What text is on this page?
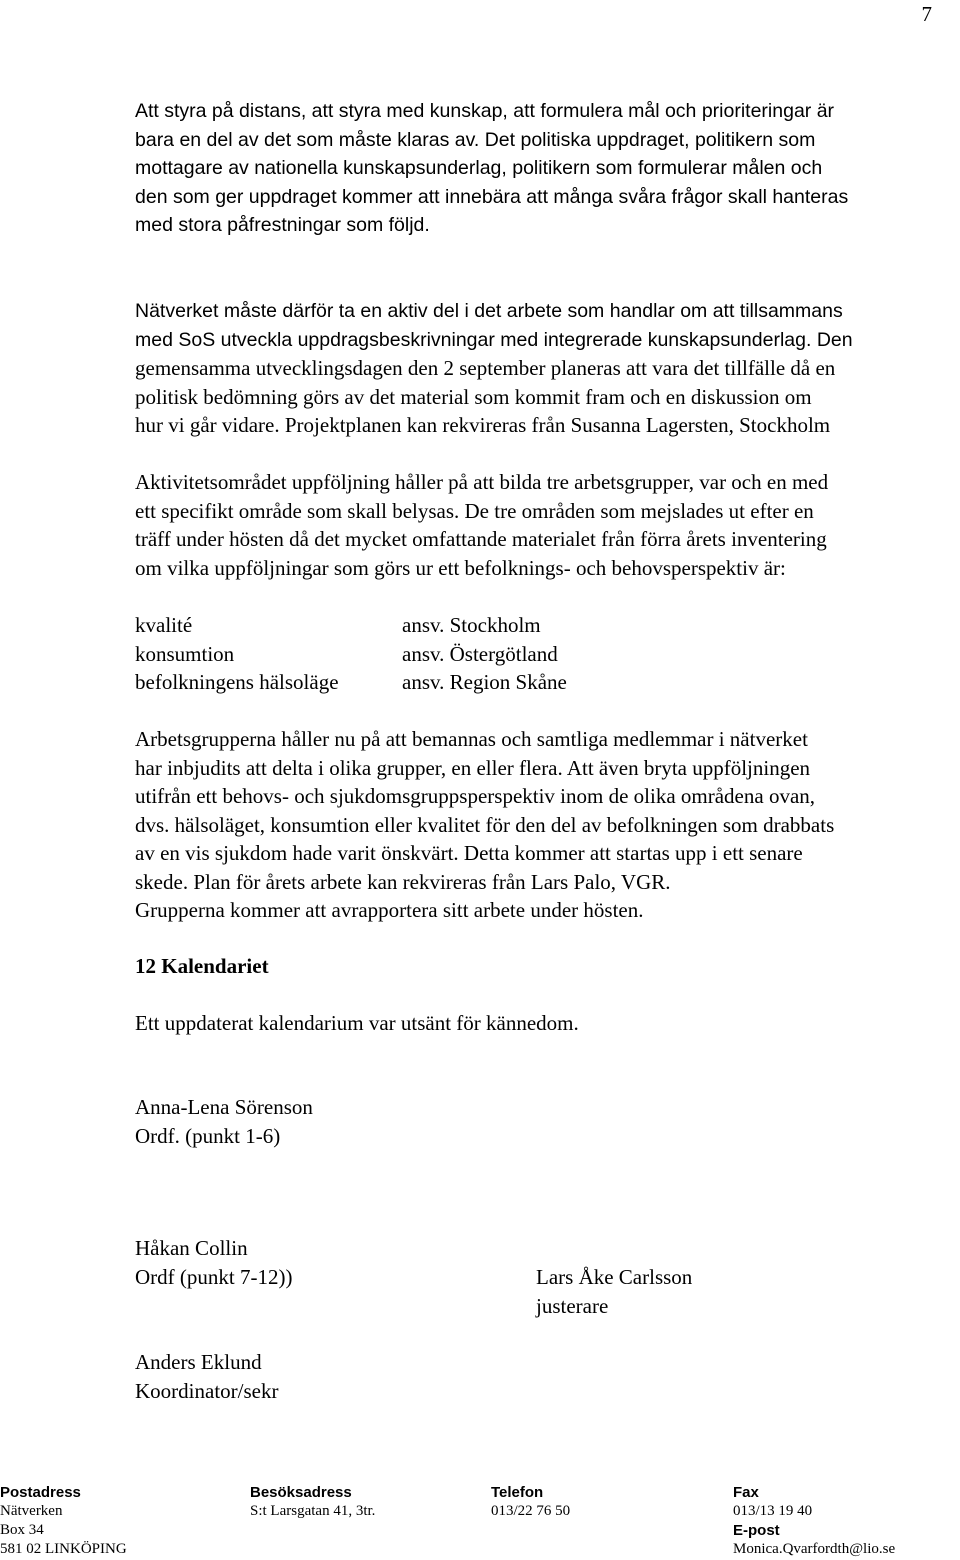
7
Att styra på distans, att styra med kunskap, att formulera mål och prioriteringar är
bara en del av det som måste klaras av. Det politiska uppdraget, politikern som
mottagare av nationella kunskapsunderlag, politikern som formulerar målen och
den som ger uppdraget kommer att innebära att många svåra frågor skall hanteras
med stora påfrestningar som följd.
Nätverket måste därför ta en aktiv del i det arbete som handlar om att tillsammans
med SoS utveckla uppdragsbeskrivningar med integrerade kunskapsunderlag. Den
gemensamma utvecklingsdagen den 2 september planeras att vara det tillfälle då en
politisk bedömning görs av det material som kommit fram och en diskussion om
hur vi går vidare. Projektplanen kan rekvireras från Susanna Lagersten, Stockholm
Aktivitetsområdet uppföljning håller på att bilda tre arbetsgrupper, var och en med
ett specifikt område som skall belysas. De tre områden som mejslades ut efter en
träff under hösten då det mycket omfattande materialet från förra årets inventering
om vilka uppföljningar som görs ur ett befolknings- och behovsperspektiv är:
kvalité
konsumtion
befolkningens hälsoläge
ansv. Stockholm
ansv. Östergötland
ansv. Region Skåne
Arbetsgrupperna håller nu på att bemannas och samtliga medlemmar i nätverket
har inbjudits att delta i olika grupper, en eller flera. Att även bryta uppföljningen
utifrån ett behovs- och sjukdomsgruppsperspektiv inom de olika områdena ovan,
dvs. hälsoläget, konsumtion eller kvalitet för den del av befolkningen som drabbats
av en vis sjukdom hade varit önskvärt. Detta kommer att startas upp i ett senare
skede. Plan för årets arbete kan rekvireras från Lars Palo, VGR.
Grupperna kommer att avrapportera sitt arbete under hösten.
12 Kalendariet
Ett uppdaterat kalendarium var utsänt för kännedom.
Anna-Lena Sörenson
Ordf. (punkt 1-6)
Håkan Collin
Ordf (punkt 7-12))	Lars Åke Carlsson
justerare
Anders Eklund
Koordinator/sekr
Postadress
Nätverken
Box 34
581 02 LINKÖPING
Besöksadress
S:t Larsgatan 41, 3tr.
Telefon
013/22 76 50
Fax
013/13 19 40
E-post
Monica.Qvarfordth@lio.se
